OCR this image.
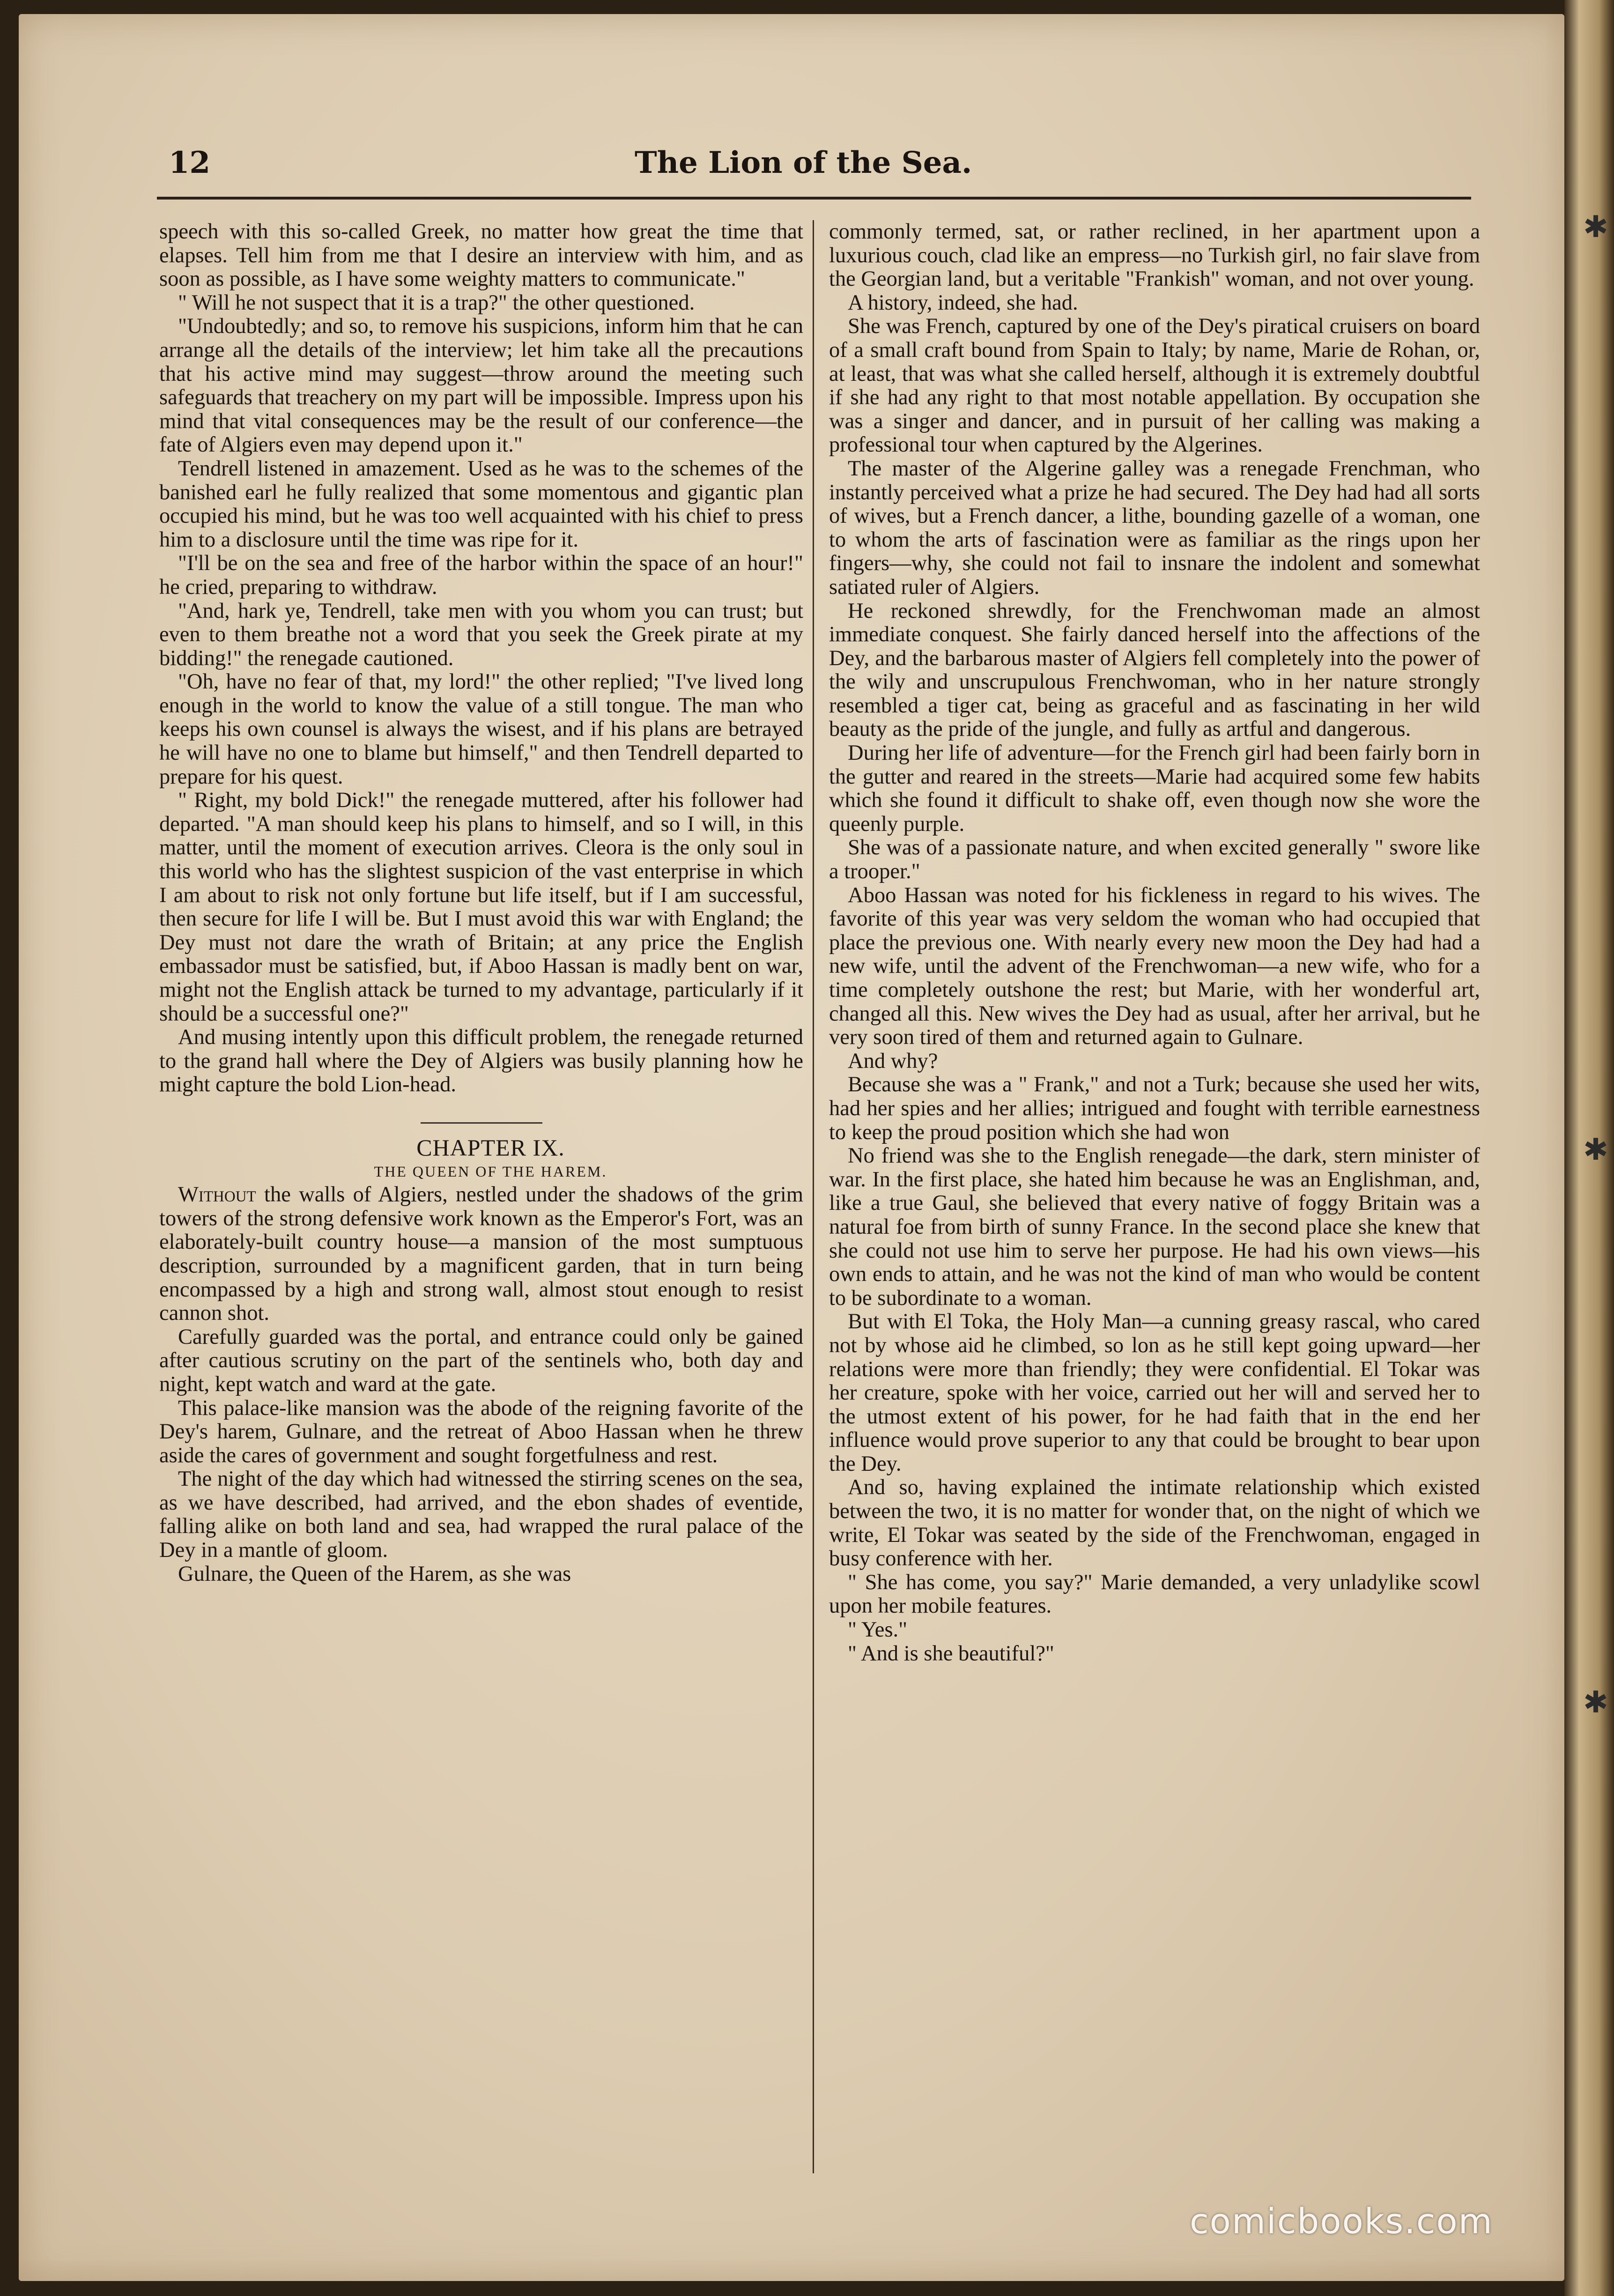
✱
✱
✱
12	The Lion of the Sea.

speech with this so-called Greek, no matter how great the time that elapses. Tell him from me that I desire an interview with him, and as soon as possible, as I have some weighty matters to communicate."

" Will he not suspect that it is a trap?" the other questioned.

"Undoubtedly; and so, to remove his suspicions, inform him that he can arrange all the details of the interview; let him take all the precautions that his active mind may suggest—throw around the meeting such safeguards that treachery on my part will be impossible. Impress upon his mind that vital consequences may be the result of our conference—the fate of Algiers even may depend upon it."

Tendrell listened in amazement. Used as he was to the schemes of the banished earl he fully realized that some momentous and gigantic plan occupied his mind, but he was too well acquainted with his chief to press him to a disclosure until the time was ripe for it.

"I'll be on the sea and free of the harbor within the space of an hour!" he cried, preparing to withdraw.

"And, hark ye, Tendrell, take men with you whom you can trust; but even to them breathe not a word that you seek the Greek pirate at my bidding!" the renegade cautioned.

"Oh, have no fear of that, my lord!" the other replied; "I've lived long enough in the world to know the value of a still tongue. The man who keeps his own counsel is always the wisest, and if his plans are betrayed he will have no one to blame but himself," and then Tendrell departed to prepare for his quest.

" Right, my bold Dick!" the renegade muttered, after his follower had departed. "A man should keep his plans to himself, and so I will, in this matter, until the moment of execution arrives. Cleora is the only soul in this world who has the slightest suspicion of the vast enterprise in which I am about to risk not only fortune but life itself, but if I am successful, then secure for life I will be. But I must avoid this war with England; the Dey must not dare the wrath of Britain; at any price the English embassador must be satisfied, but, if Aboo Hassan is madly bent on war, might not the English attack be turned to my advantage, particularly if it should be a successful one?"

And musing intently upon this difficult problem, the renegade returned to the grand hall where the Dey of Algiers was busily planning how he might capture the bold Lion-head.

CHAPTER IX.

THE QUEEN OF THE HAREM.

Without the walls of Algiers, nestled under the shadows of the grim towers of the strong defensive work known as the Emperor's Fort, was an elaborately-built country house—a mansion of the most sumptuous description, surrounded by a magnificent garden, that in turn being encompassed by a high and strong wall, almost stout enough to resist cannon shot.

Carefully guarded was the portal, and entrance could only be gained after cautious scrutiny on the part of the sentinels who, both day and night, kept watch and ward at the gate.

This palace-like mansion was the abode of the reigning favorite of the Dey's harem, Gulnare, and the retreat of Aboo Hassan when he threw aside the cares of government and sought forgetfulness and rest.

The night of the day which had witnessed the stirring scenes on the sea, as we have described, had arrived, and the ebon shades of eventide, falling alike on both land and sea, had wrapped the rural palace of the Dey in a mantle of gloom.

Gulnare, the Queen of the Harem, as she was

commonly termed, sat, or rather reclined, in her apartment upon a luxurious couch, clad like an empress—no Turkish girl, no fair slave from the Georgian land, but a veritable "Frankish" woman, and not over young.

A history, indeed, she had.

She was French, captured by one of the Dey's piratical cruisers on board of a small craft bound from Spain to Italy; by name, Marie de Rohan, or, at least, that was what she called herself, although it is extremely doubtful if she had any right to that most notable appellation. By occupation she was a singer and dancer, and in pursuit of her calling was making a professional tour when captured by the Algerines.

The master of the Algerine galley was a renegade Frenchman, who instantly perceived what a prize he had secured. The Dey had had all sorts of wives, but a French dancer, a lithe, bounding gazelle of a woman, one to whom the arts of fascination were as familiar as the rings upon her fingers—why, she could not fail to insnare the indolent and somewhat satiated ruler of Algiers.

He reckoned shrewdly, for the Frenchwoman made an almost immediate conquest. She fairly danced herself into the affections of the Dey, and the barbarous master of Algiers fell completely into the power of the wily and unscrupulous Frenchwoman, who in her nature strongly resembled a tiger cat, being as graceful and as fascinating in her wild beauty as the pride of the jungle, and fully as artful and dangerous.

During her life of adventure—for the French girl had been fairly born in the gutter and reared in the streets—Marie had acquired some few habits which she found it difficult to shake off, even though now she wore the queenly purple.

She was of a passionate nature, and when excited generally " swore like a trooper."

Aboo Hassan was noted for his fickleness in regard to his wives. The favorite of this year was very seldom the woman who had occupied that place the previous one. With nearly every new moon the Dey had had a new wife, until the advent of the Frenchwoman—a new wife, who for a time completely outshone the rest; but Marie, with her wonderful art, changed all this. New wives the Dey had as usual, after her arrival, but he very soon tired of them and returned again to Gulnare.

And why?

Because she was a " Frank," and not a Turk; because she used her wits, had her spies and her allies; intrigued and fought with terrible earnestness to keep the proud position which she had won

No friend was she to the English renegade—the dark, stern minister of war. In the first place, she hated him because he was an Englishman, and, like a true Gaul, she believed that every native of foggy Britain was a natural foe from birth of sunny France. In the second place she knew that she could not use him to serve her purpose. He had his own views—his own ends to attain, and he was not the kind of man who would be content to be subordinate to a woman.

But with El Toka, the Holy Man—a cunning greasy rascal, who cared not by whose aid he climbed, so lon as he still kept going upward—her relations were more than friendly; they were confidential. El Tokar was her creature, spoke with her voice, carried out her will and served her to the utmost extent of his power, for he had faith that in the end her influence would prove superior to any that could be brought to bear upon the Dey.

And so, having explained the intimate relationship which existed between the two, it is no matter for wonder that, on the night of which we write, El Tokar was seated by the side of the Frenchwoman, engaged in busy conference with her.

" She has come, you say?" Marie demanded, a very unladylike scowl upon her mobile features.

" Yes."

" And is she beautiful?"

comicbooks.com
